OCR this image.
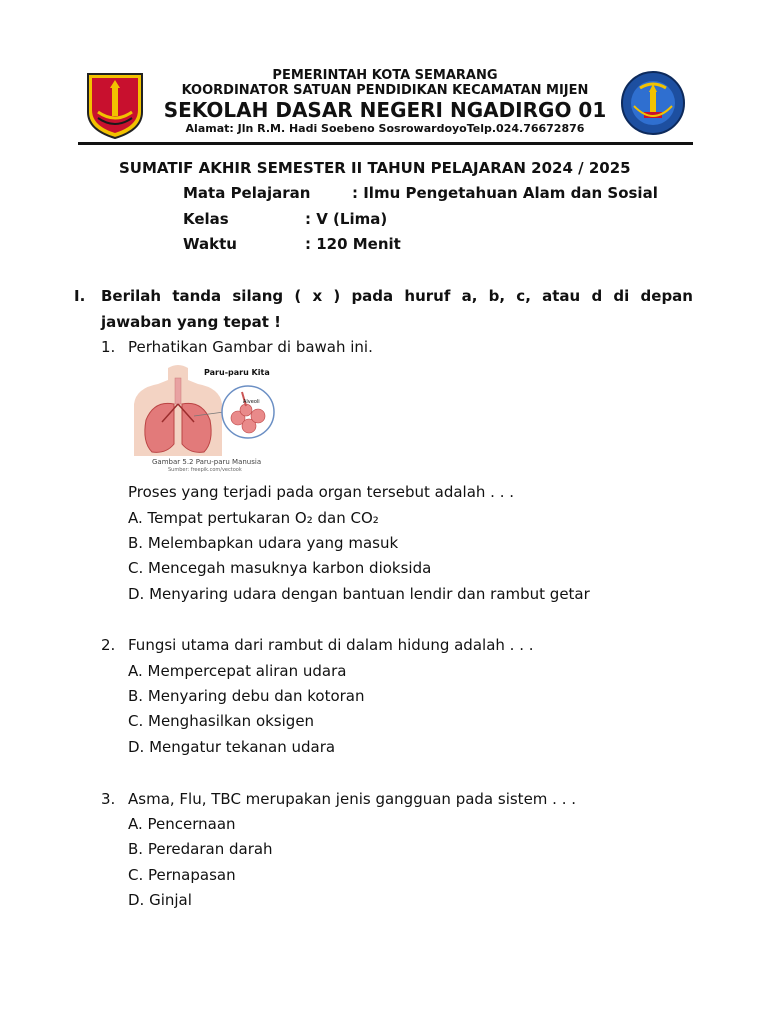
PEMERINTAH KOTA SEMARANG
KOORDINATOR SATUAN PENDIDIKAN KECAMATAN MIJEN
SEKOLAH DASAR NEGERI NGADIRGO 01
Alamat: Jln R.M. Hadi Soebeno SosrowardoyoTelp.024.76672876
SUMATIF AKHIR SEMESTER II TAHUN PELAJARAN 2024 / 2025
Mata Pelajaran	: Ilmu Pengetahuan Alam dan Sosial
Kelas	: V (Lima)
Waktu	: 120 Menit
I. Berilah tanda silang ( x ) pada huruf a, b, c, atau d di depan
jawaban yang tepat !
1. Perhatikan Gambar di bawah ini.
Paru-paru Kita
Alveoli
Gambar 5.2 Paru-paru Manusia
Sumber: freepik.com/vectook
Proses yang terjadi pada organ tersebut adalah . . .
A. Tempat pertukaran O₂ dan CO₂
B. Melembapkan udara yang masuk
C. Mencegah masuknya karbon dioksida
D. Menyaring udara dengan bantuan lendir dan rambut getar
2. Fungsi utama dari rambut di dalam hidung adalah . . .
A. Mempercepat aliran udara
B. Menyaring debu dan kotoran
C. Menghasilkan oksigen
D. Mengatur tekanan udara
3. Asma, Flu, TBC merupakan jenis gangguan pada sistem . . .
A. Pencernaan
B. Peredaran darah
C. Pernapasan
D. Ginjal
